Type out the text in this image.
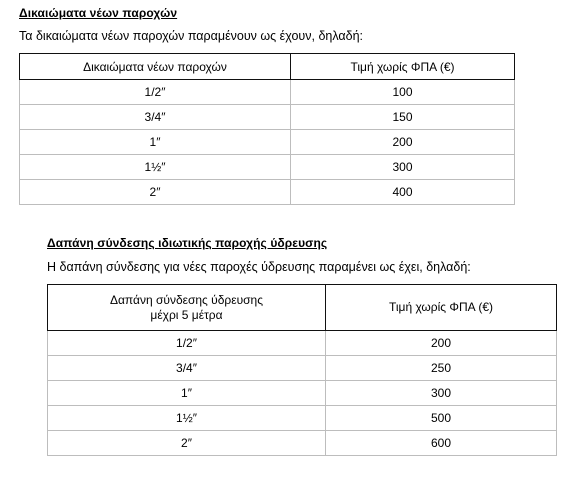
Δικαιώματα νέων παροχών
Τα δικαιώματα νέων παροχών παραμένουν ως έχουν, δηλαδή:
Δικαιώματα νέων παροχών	Τιμή χωρίς ΦΠΑ (€)
1/2″	100
3/4″	150
1″	200
1½″	300
2″	400
Δαπάνη σύνδεσης ιδιωτικής παροχής ύδρευσης
Η δαπάνη σύνδεσης για νέες παροχές ύδρευσης παραμένει ως έχει, δηλαδή:
Δαπάνη σύνδεσης ύδρευσης
μέχρι 5 μέτρα	Τιμή χωρίς ΦΠΑ (€)
1/2″	200
3/4″	250
1″	300
1½″	500
2″	600
